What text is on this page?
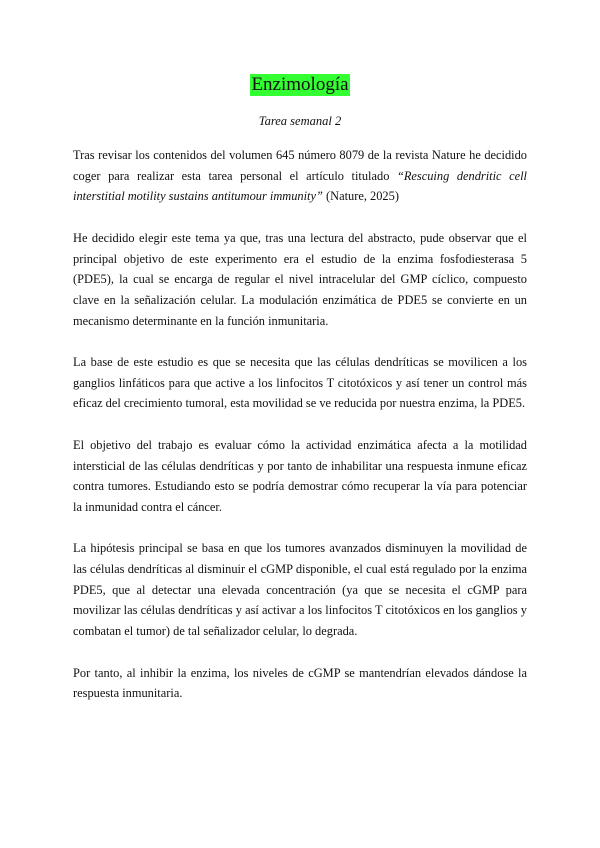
Enzimología
Tarea semanal 2

Tras revisar los contenidos del volumen 645 número 8079 de la revista Nature he decidido coger para realizar esta tarea personal el artículo titulado “Rescuing dendritic cell interstitial motility sustains antitumour immunity” (Nature, 2025)

He decidido elegir este tema ya que, tras una lectura del abstracto, pude observar que el principal objetivo de este experimento era el estudio de la enzima fosfodiesterasa 5 (PDE5), la cual se encarga de regular el nivel intracelular del GMP cíclico, compuesto clave en la señalización celular. La modulación enzimática de PDE5 se convierte en un mecanismo determinante en la función inmunitaria.

La base de este estudio es que se necesita que las células dendríticas se movilicen a los ganglios linfáticos para que active a los linfocitos T citotóxicos y así tener un control más eficaz del crecimiento tumoral, esta movilidad se ve reducida por nuestra enzima, la PDE5.

El objetivo del trabajo es evaluar cómo la actividad enzimática afecta a la motilidad intersticial de las células dendríticas y por tanto de inhabilitar una respuesta inmune eficaz contra tumores. Estudiando esto se podría demostrar cómo recuperar la vía para potenciar la inmunidad contra el cáncer.

La hipótesis principal se basa en que los tumores avanzados disminuyen la movilidad de las células dendríticas al disminuir el cGMP disponible, el cual está regulado por la enzima PDE5, que al detectar una elevada concentración (ya que se necesita el cGMP para movilizar las células dendríticas y así activar a los linfocitos T citotóxicos en los ganglios y combatan el tumor) de tal señalizador celular, lo degrada.

Por tanto, al inhibir la enzima, los niveles de cGMP se mantendrían elevados dándose la respuesta inmunitaria.
